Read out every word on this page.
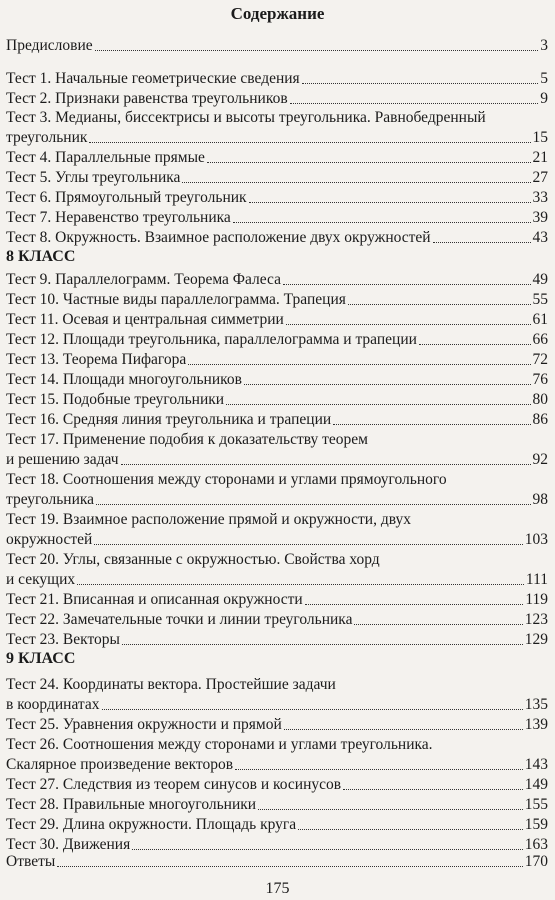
Содержание
Предисловие	3
Тест 1. Начальные геометрические сведения	5
Тест 2. Признаки равенства треугольников	9
Тест 3. Медианы, биссектрисы и высоты треугольника. Равнобедренный
треугольник	15
Тест 4. Параллельные прямые	21
Тест 5. Углы треугольника	27
Тест 6. Прямоугольный треугольник	33
Тест 7. Неравенство треугольника	39
Тест 8. Окружность. Взаимное расположение двух окружностей	43
Тест 9. Параллелограмм. Теорема Фалеса	49
Тест 10. Частные виды параллелограмма. Трапеция	55
Тест 11. Осевая и центральная симметрии	61
Тест 12. Площади треугольника, параллелограмма и трапеции	66
Тест 13. Теорема Пифагора	72
Тест 14. Площади многоугольников	76
Тест 15. Подобные треугольники	80
Тест 16. Средняя линия треугольника и трапеции	86
Тест 17. Применение подобия к доказательству теорем
и решению задач	92
Тест 18. Соотношения между сторонами и углами прямоугольного
треугольника	98
Тест 19. Взаимное расположение прямой и окружности, двух
окружностей	103
Тест 20. Углы, связанные с окружностью. Свойства хорд
и секущих	111
Тест 21. Вписанная и описанная окружности	119
Тест 22. Замечательные точки и линии треугольника	123
Тест 23. Векторы	129
Тест 24. Координаты вектора. Простейшие задачи
в координатах	135
Тест 25. Уравнения окружности и прямой	139
Тест 26. Соотношения между сторонами и углами треугольника.
Скалярное произведение векторов	143
Тест 27. Следствия из теорем синусов и косинусов	149
Тест 28. Правильные многоугольники	155
Тест 29. Длина окружности. Площадь круга	159
Тест 30. Движения	163
8 КЛАСС
9 КЛАСС
Ответы	170
175
